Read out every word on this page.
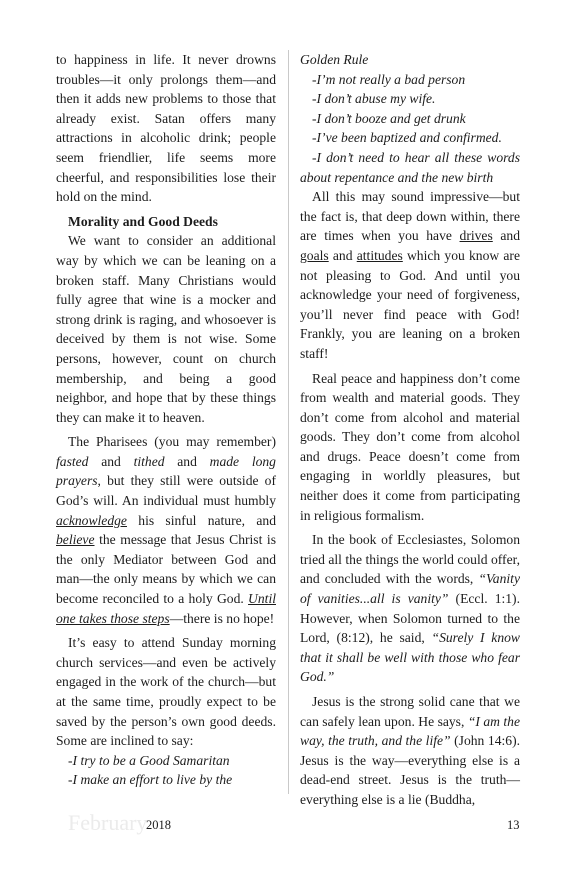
to happiness in life. It never drowns troubles—it only prolongs them—and then it adds new problems to those that already exist. Satan offers many attractions in alcoholic drink; people seem friendlier, life seems more cheerful, and responsibilities lose their hold on the mind.

Morality and Good Deeds

We want to consider an additional way by which we can be leaning on a broken staff. Many Christians would fully agree that wine is a mocker and strong drink is raging, and whosoever is deceived by them is not wise. Some persons, however, count on church membership, and being a good neighbor, and hope that by these things they can make it to heaven.

The Pharisees (you may remember) fasted and tithed and made long prayers, but they still were outside of God’s will. An individual must humbly acknowledge his sinful nature, and believe the message that Jesus Christ is the only Mediator between God and man—the only means by which we can become reconciled to a holy God. Until one takes those steps—there is no hope!

It’s easy to attend Sunday morning church services—and even be actively engaged in the work of the church—but at the same time, proudly expect to be saved by the person’s own good deeds. Some are inclined to say:

-I try to be a Good Samaritan

-I make an effort to live by the

Golden Rule

-I’m not really a bad person

-I don’t abuse my wife.

-I don’t booze and get drunk

-I’ve been baptized and confirmed.

-I don’t need to hear all these words about repentance and the new birth

All this may sound impressive—but the fact is, that deep down within, there are times when you have drives and goals and attitudes which you know are not pleasing to God. And until you acknowledge your need of forgiveness, you’ll never find peace with God! Frankly, you are leaning on a broken staff!

Real peace and happiness don’t come from wealth and material goods. They don’t come from alcohol and material goods. They don’t come from alcohol and drugs. Peace doesn’t come from engaging in worldly pleasures, but neither does it come from participating in religious formalism.

In the book of Ecclesiastes, Solomon tried all the things the world could offer, and concluded with the words, “Vanity of vanities...all is vanity” (Eccl. 1:1). However, when Solomon turned to the Lord, (8:12), he said, “Surely I know that it shall be well with those who fear God.”

Jesus is the strong solid cane that we can safely lean upon. He says, “I am the way, the truth, and the life” (John 14:6). Jesus is the way—everything else is a dead-end street. Jesus is the truth—everything else is a lie (Buddha,

February
2018	13
